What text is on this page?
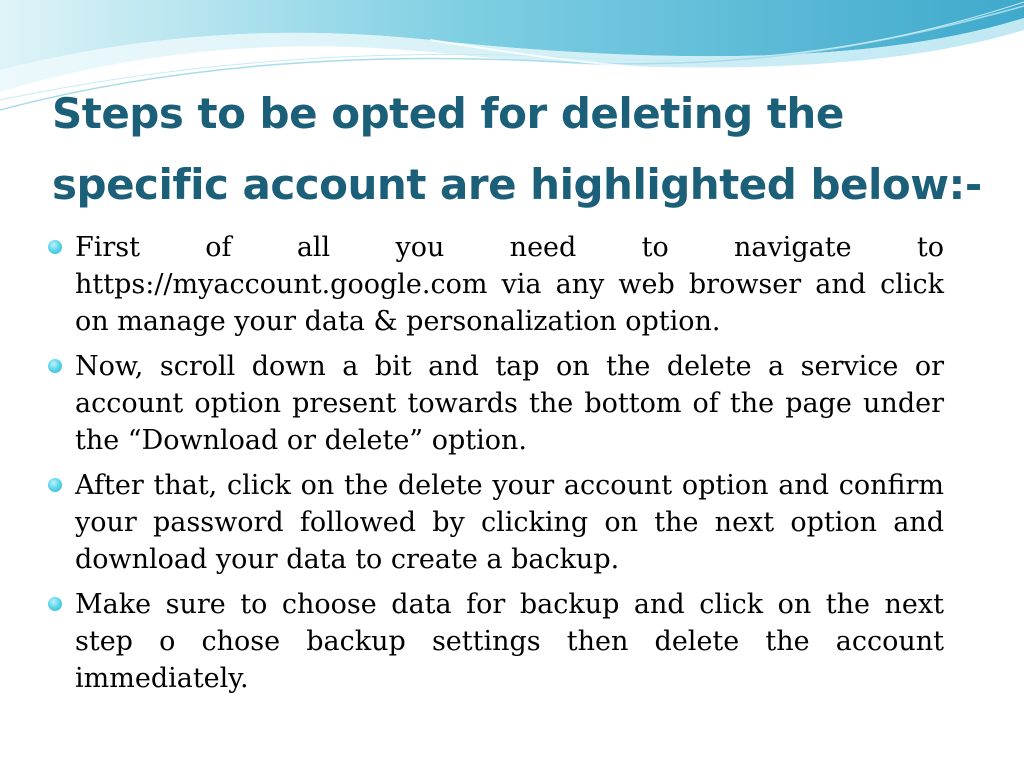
Steps to be opted for deleting the specific account are highlighted below:-
First of all you need to navigate to https://myaccount.google.com via any web browser and click on manage your data & personalization option.
Now, scroll down a bit and tap on the delete a service or account option present towards the bottom of the page under the “Download or delete” option.
After that, click on the delete your account option and confirm your password followed by clicking on the next option and download your data to create a backup.
Make sure to choose data for backup and click on the next step o chose backup settings then delete the account immediately.
